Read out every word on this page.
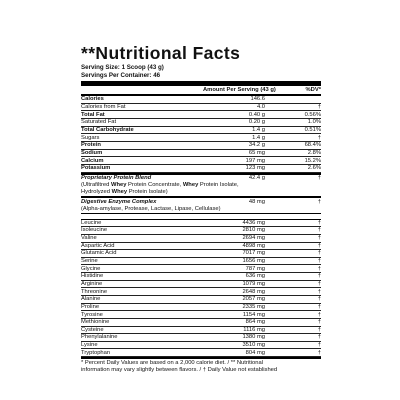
**Nutritional Facts
Serving Size: 1 Scoop (43 g)
Servings Per Container: 46
Amount Per Serving (43 g)	%DV*
Calories	146.6
Calories from Fat	4.0	†
Total Fat	0.40 g	0.56%
Saturated Fat	0.20 g	1.0%
Total Carbohydrate	1.4 g	0.51%
Sugars	1.4 g	†
Protein	34.2 g	68.4%
Sodium	65 mg	2.8%
Calcium	197 mg	15.2%
Potassium	123 mg	2.6%
Proprietary Protein Blend	42.4 g	†
(Ultrafiltred Whey Protein Concentrate, Whey Protein Isolate,
Hydrolyzed Whey Protein Isolate)
Digestive Enzyme Complex	48 mg	†
(Alpha-amylase, Protease, Lactase, Lipase, Cellulase)
Leucine	4436 mg	†
Isoleucine	2810 mg	†
Valine	2694 mg	†
Aspartic Acid	4898 mg	†
Glutamic Acid	7017 mg	†
Serine	1656 mg	†
Glycine	787 mg	†
Histidine	636 mg	†
Arginine	1079 mg	†
Threonine	2648 mg	†
Alanine	2057 mg	†
Proline	2335 mg	†
Tyrosine	1154 mg	†
Methionine	864 mg	†
Cysteine	1116 mg	†
Phenylalanine	1380 mg	†
Lysine	3510 mg	†
Tryptophan	804 mg	†
* Percent Daily Values are based on a 2,000 calorie diet. / ** Nutritional
information may vary slightly between flavors. / † Daily Value not established
